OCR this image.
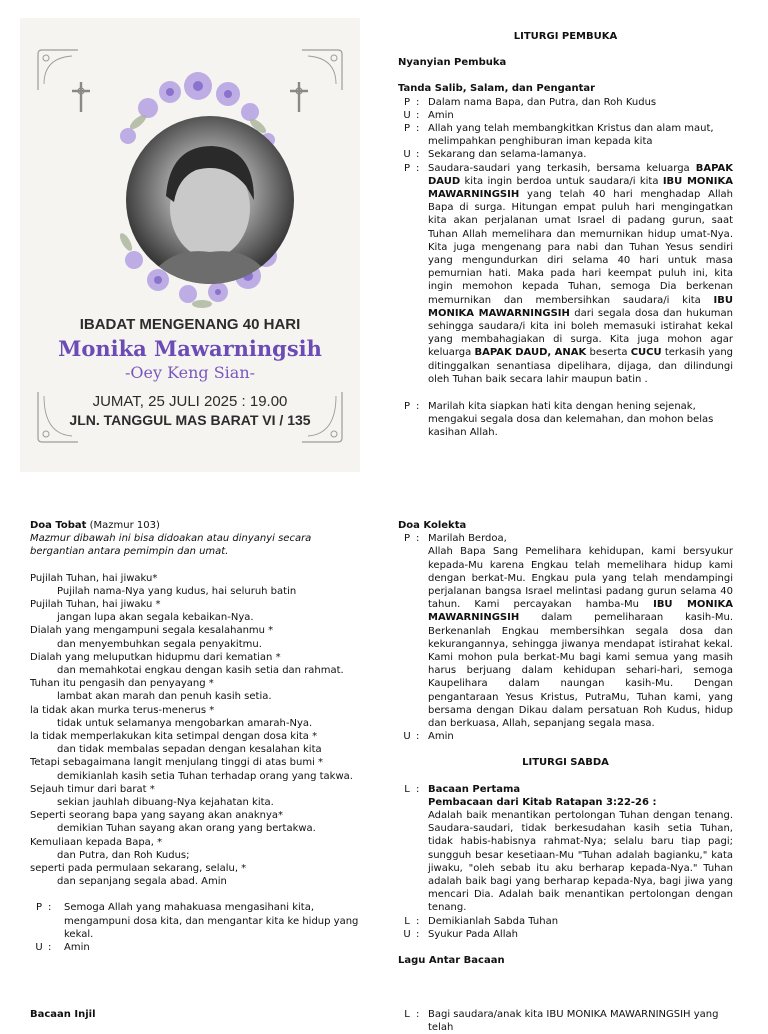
IBADAT MENGENANG 40 HARI
Monika Mawarningsih
-Oey Keng Sian-
JUMAT, 25 JULI 2025 : 19.00
JLN. TANGGUL MAS BARAT VI / 135
LITURGI PEMBUKA
Nyanyian Pembuka
Tanda Salib, Salam, dan Pengantar
P : Dalam nama Bapa, dan Putra, dan Roh Kudus
U : Amin
P : Allah yang telah membangkitkan Kristus dan alam maut, melimpahkan penghiburan iman kepada kita
U : Sekarang dan selama-lamanya.
P : Saudara-saudari yang terkasih, bersama keluarga BAPAK DAUD kita ingin berdoa untuk saudara/i kita IBU MONIKA MAWARNINGSIH yang telah 40 hari menghadap Allah Bapa di surga. Hitungan empat puluh hari mengingatkan kita akan perjalanan umat Israel di padang gurun, saat Tuhan Allah memelihara dan memurnikan hidup umat-Nya. Kita juga mengenang para nabi dan Tuhan Yesus sendiri yang mengundurkan diri selama 40 hari untuk masa pemurnian hati. Maka pada hari keempat puluh ini, kita ingin memohon kepada Tuhan, semoga Dia berkenan memurnikan dan membersihkan saudara/i kita IBU MONIKA MAWARNINGSIH dari segala dosa dan hukuman sehingga saudara/i kita ini boleh memasuki istirahat kekal yang membahagiakan di surga. Kita juga mohon agar keluarga BAPAK DAUD, ANAK beserta CUCU terkasih yang ditinggalkan senantiasa dipelihara, dijaga, dan dilindungi oleh Tuhan baik secara lahir maupun batin .
P : Marilah kita siapkan hati kita dengan hening sejenak, mengakui segala dosa dan kelemahan, dan mohon belas kasihan Allah.
Doa Tobat (Mazmur 103)
Mazmur dibawah ini bisa didoakan atau dinyanyi secara bergantian antara pemimpin dan umat.
Pujilah Tuhan, hai jiwaku*
Pujilah nama-Nya yang kudus, hai seluruh batin
Pujilah Tuhan, hai jiwaku *
jangan lupa akan segala kebaikan-Nya.
Dialah yang mengampuni segala kesalahanmu *
dan menyembuhkan segala penyakitmu.
Dialah yang meluputkan hidupmu dari kematian *
dan memahkotai engkau dengan kasih setia dan rahmat.
Tuhan itu pengasih dan penyayang *
lambat akan marah dan penuh kasih setia.
la tidak akan murka terus-menerus *
tidak untuk selamanya mengobarkan amarah-Nya.
la tidak memperlakukan kita setimpal dengan dosa kita *
dan tidak membalas sepadan dengan kesalahan kita
Tetapi sebagaimana langit menjulang tinggi di atas bumi *
demikianlah kasih setia Tuhan terhadap orang yang takwa.
Sejauh timur dari barat *
sekian jauhlah dibuang-Nya kejahatan kita.
Seperti seorang bapa yang sayang akan anaknya*
demikian Tuhan sayang akan orang yang bertakwa.
Kemuliaan kepada Bapa, *
dan Putra, dan Roh Kudus;
seperti pada permulaan sekarang, selalu, *
dan sepanjang segala abad. Amin
P :	Semoga Allah yang mahakuasa mengasihani kita,
mengampuni dosa kita, dan mengantar kita ke hidup yang kekal.
U :	Amin
Doa Kolekta
P : Marilah Berdoa,
Allah Bapa Sang Pemelihara kehidupan, kami bersyukur kepada-Mu karena Engkau telah memelihara hidup kami dengan berkat-Mu. Engkau pula yang telah mendampingi perjalanan bangsa Israel melintasi padang gurun selama 40 tahun. Kami percayakan hamba-Mu IBU MONIKA MAWARNINGSIH dalam pemeliharaan kasih-Mu. Berkenanlah Engkau membersihkan segala dosa dan kekurangannya, sehingga jiwanya mendapat istirahat kekal. Kami mohon pula berkat-Mu bagi kami semua yang masih harus berjuang dalam kehidupan sehari-hari, semoga Kaupelihara dalam naungan kasih-Mu. Dengan pengantaraan Yesus Kristus, PutraMu, Tuhan kami, yang bersama dengan Dikau dalam persatuan Roh Kudus, hidup dan berkuasa, Allah, sepanjang segala masa.
U : Amin
LITURGI SABDA
L : Bacaan Pertama
Pembacaan dari Kitab Ratapan 3:22-26 :
Adalah baik menantikan pertolongan Tuhan dengan tenang. Saudara-saudari, tidak berkesudahan kasih setia Tuhan, tidak habis-habisnya rahmat-Nya; selalu baru tiap pagi; sungguh besar kesetiaan-Mu "Tuhan adalah bagianku," kata jiwaku, "oleh sebab itu aku berharap kepada-Nya." Tuhan adalah baik bagi yang berharap kepada-Nya, bagi jiwa yang mencari Dia. Adalah baik menantikan pertolongan dengan tenang.
L : Demikianlah Sabda Tuhan
U : Syukur Pada Allah
Lagu Antar Bacaan
Bacaan Injil	L : Bagi saudara/anak kita IBU MONIKA MAWARNINGSIH yang telah
